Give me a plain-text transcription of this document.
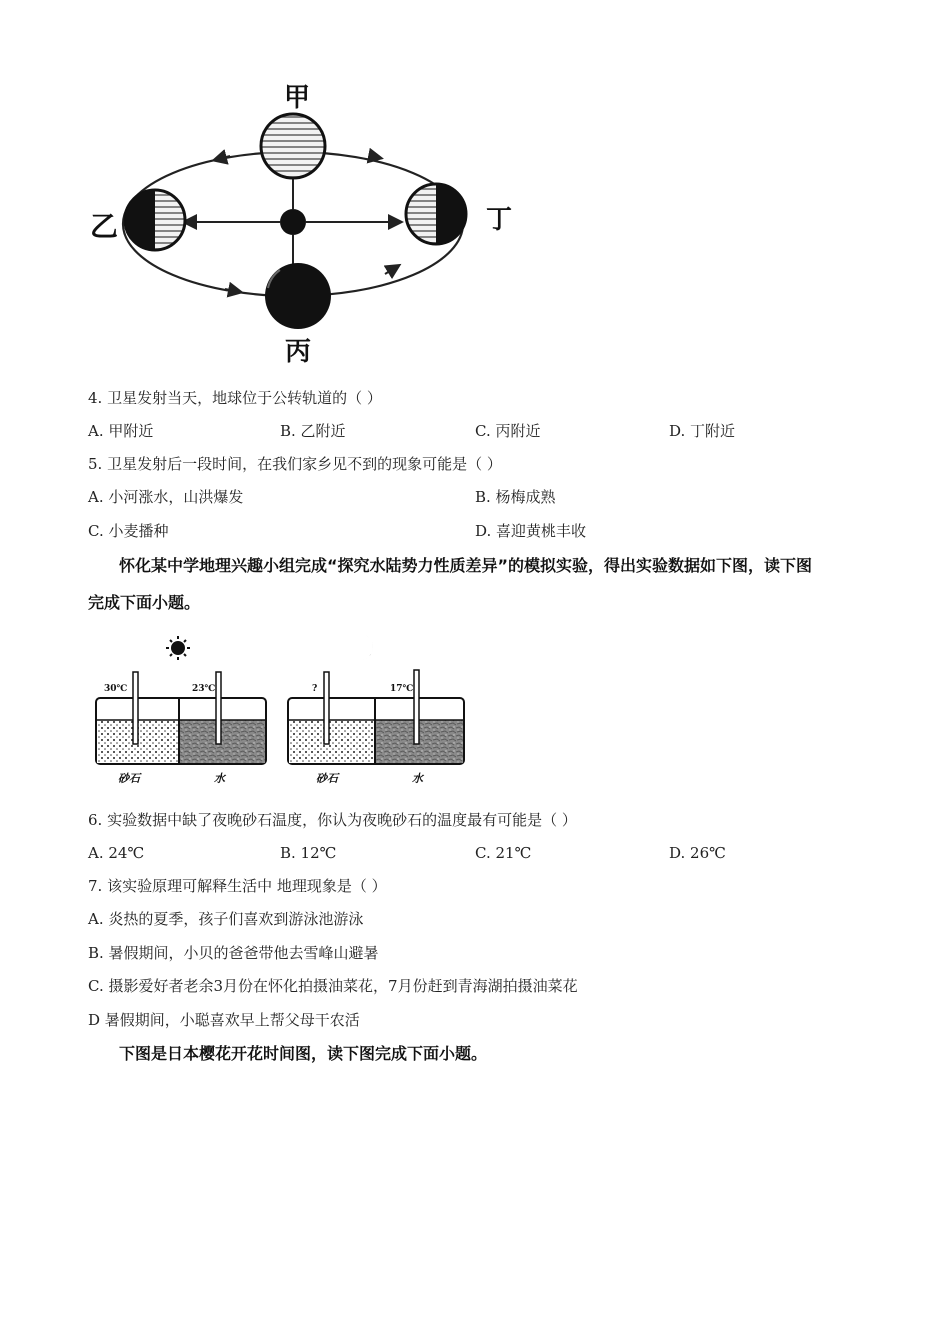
甲
乙
丙
丁
4. 卫星发射当天，地球位于公转轨道的（ ）
A. 甲附近	B. 乙附近	C. 丙附近	D. 丁附近
5. 卫星发射后一段时间，在我们家乡见不到的现象可能是（ ）
A. 小河涨水，山洪爆发	B. 杨梅成熟
C. 小麦播种	D. 喜迎黄桃丰收
怀化某中学地理兴趣小组完成“探究水陆势力性质差异”的模拟实验，得出实验数据如下图，读下图
完成下面小题。
30℃	23℃
砂石	水
?	17℃
砂石	水
6. 实验数据中缺了夜晚砂石温度，你认为夜晚砂石的温度最有可能是（ ）
A. 24℃	B. 12℃	C. 21℃	D. 26℃
7. 该实验原理可解释生活中 地理现象是（ ）
A. 炎热的夏季，孩子们喜欢到游泳池游泳
B. 暑假期间，小贝的爸爸带他去雪峰山避暑
C. 摄影爱好者老余3月份在怀化拍摄油菜花，7月份赶到青海湖拍摄油菜花
D 暑假期间，小聪喜欢早上帮父母干农活
下图是日本樱花开花时间图，读下图完成下面小题。
